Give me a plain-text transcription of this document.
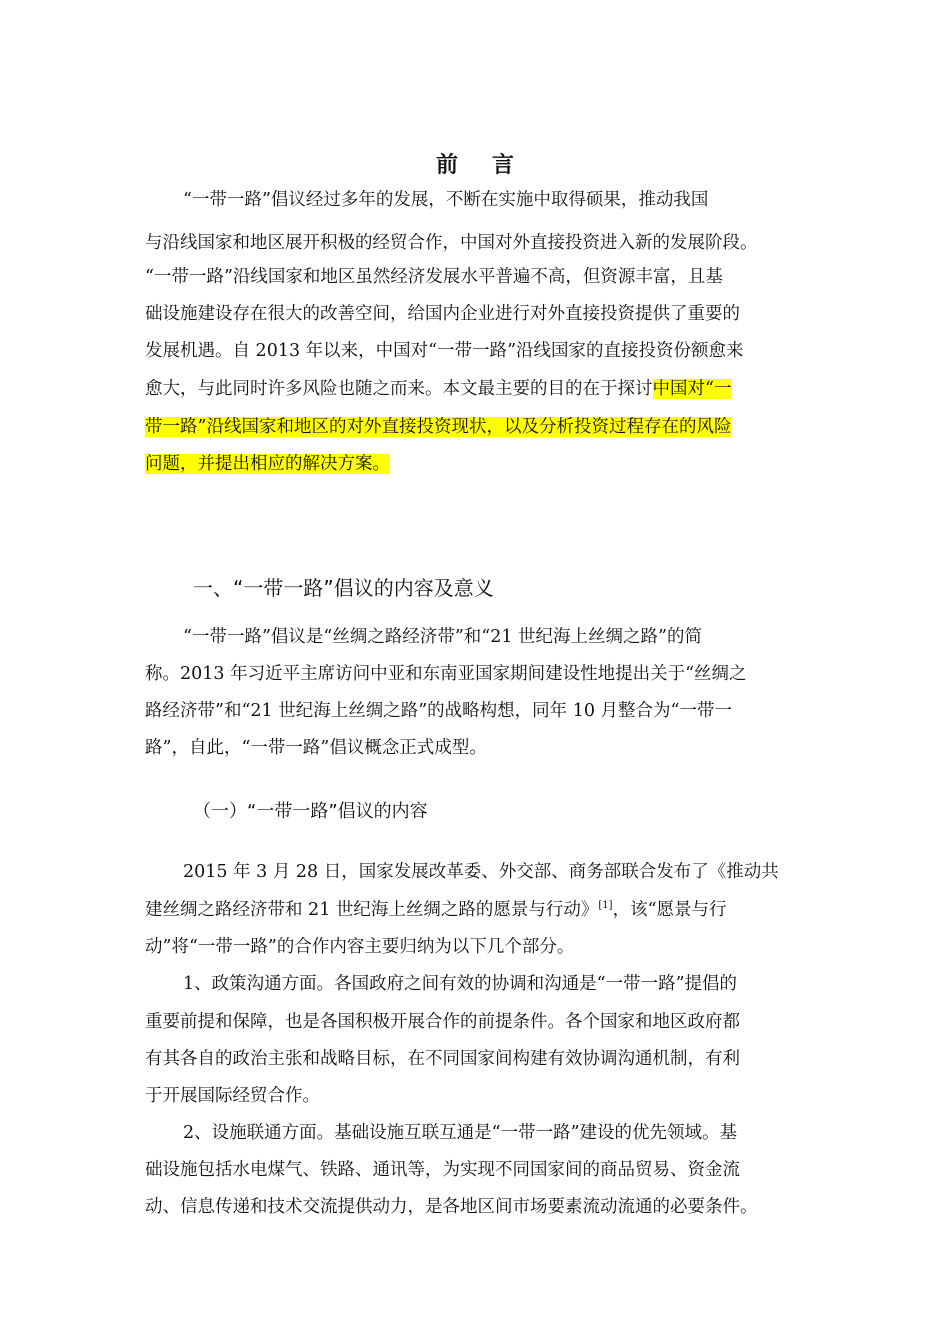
前言
“一带一路”倡议经过多年的发展，不断在实施中取得硕果，推动我国
与沿线国家和地区展开积极的经贸合作，中国对外直接投资进入新的发展阶段。
“一带一路”沿线国家和地区虽然经济发展水平普遍不高，但资源丰富，且基
础设施建设存在很大的改善空间，给国内企业进行对外直接投资提供了重要的
发展机遇。自 2013 年以来，中国对“一带一路”沿线国家的直接投资份额愈来
愈大，与此同时许多风险也随之而来。本文最主要的目的在于探讨中国对“一
带一路”沿线国家和地区的对外直接投资现状，以及分析投资过程存在的风险
问题，并提出相应的解决方案。
一、“一带一路”倡议的内容及意义
“一带一路”倡议是“丝绸之路经济带”和“21 世纪海上丝绸之路”的简
称。2013 年习近平主席访问中亚和东南亚国家期间建设性地提出关于“丝绸之
路经济带”和“21 世纪海上丝绸之路”的战略构想，同年 10 月整合为“一带一
路”，自此，“一带一路”倡议概念正式成型。
（一）“一带一路”倡议的内容
2015 年 3 月 28 日，国家发展改革委、外交部、商务部联合发布了《推动共
建丝绸之路经济带和 21 世纪海上丝绸之路的愿景与行动》[1]，该“愿景与行
动”将“一带一路”的合作内容主要归纳为以下几个部分。
1、政策沟通方面。各国政府之间有效的协调和沟通是“一带一路”提倡的
重要前提和保障，也是各国积极开展合作的前提条件。各个国家和地区政府都
有其各自的政治主张和战略目标，在不同国家间构建有效协调沟通机制，有利
于开展国际经贸合作。
2、设施联通方面。基础设施互联互通是“一带一路”建设的优先领域。基
础设施包括水电煤气、铁路、通讯等，为实现不同国家间的商品贸易、资金流
动、信息传递和技术交流提供动力，是各地区间市场要素流动流通的必要条件。
